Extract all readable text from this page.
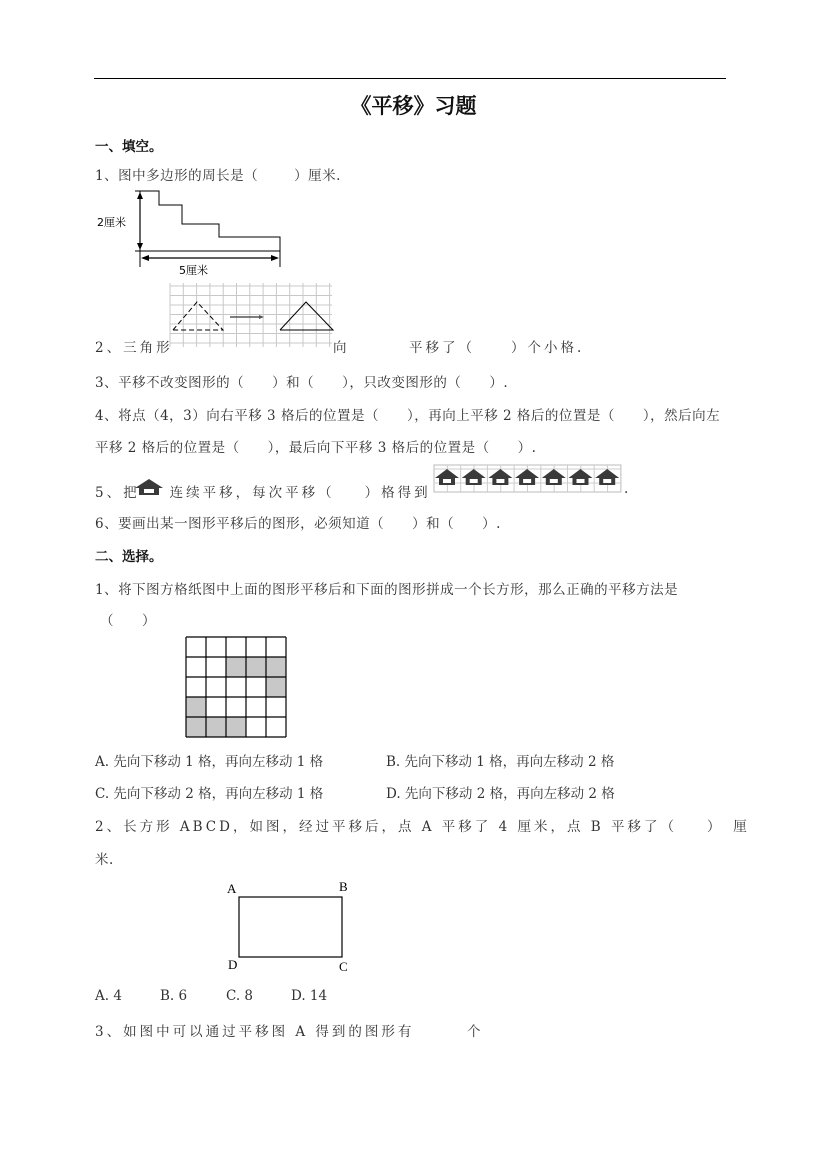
《平移》习题
一、填空。
1、图中多边形的周长是（	）厘米.
2厘米
5厘米
2、三角形	向	平移了（	）个小格.
3、平移不改变图形的（　　）和（　　），只改变图形的（　　）.
4、将点（4，3）向右平移 3 格后的位置是（　　），再向上平移 2 格后的位置是（　　），然后向左
平移 2 格后的位置是（　　），最后向下平移 3 格后的位置是（　　）.
5、把 连续平移，每次平移（ ）格得到	.
6、要画出某一图形平移后的图形，必须知道（　　）和（　　）.
二、选择。
1、将下图方格纸图中上面的图形平移后和下面的图形拼成一个长方形，那么正确的平移方法是
（　　）
A. 先向下移动 1 格，再向左移动 1 格	B. 先向下移动 1 格，再向左移动 2 格
C. 先向下移动 2 格，再向左移动 1 格	D. 先向下移动 2 格，再向左移动 2 格
2、长方形 ABCD，如图，经过平移后，点 A 平移了 4 厘米，点 B 平移了（ ）　厘
米.
A	B
C
D
A. 4	B. 6	C. 8	D. 14
3、如图中可以通过平移图 A 得到的图形有	个
